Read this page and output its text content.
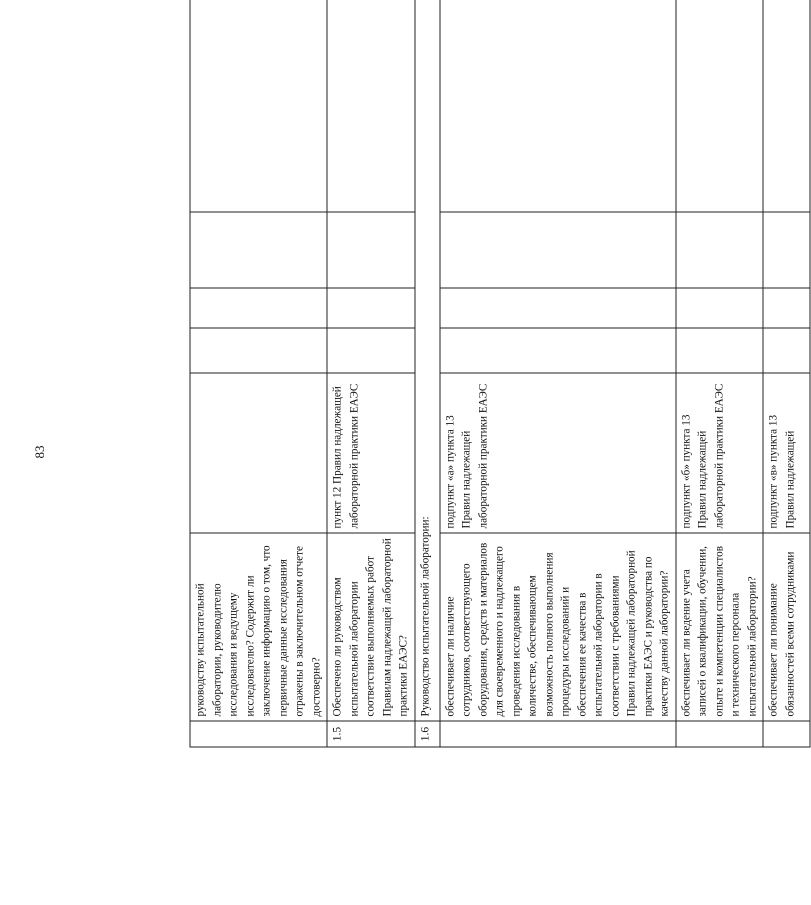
83
	руководству испытательной лаборатории, руководителю исследования и ведущему исследователю? Содержит ли заключение информацию о том, что первичные данные исследования отражены в заключительном отчете достоверно?					
1.5	Обеспечено ли руководством испытательной лаборатории соответствие выполняемых работ Правилам надлежащей лабораторной практики ЕАЭС?	пункт 12 Правил надлежащей лабораторной практики ЕАЭС				
1.6	Руководство испытательной лаборатории:					
	обеспечивает ли наличие сотрудников, соответствующего оборудования, средств и материалов для своевременного и надлежащего проведения исследования в количестве, обеспечивающем возможность полного выполнения процедуры исследований и обеспечения ее качества в испытательной лаборатории в соответствии с требованиями Правил надлежащей лабораторной практики ЕАЭС и руководства по качеству данной лаборатории?	подпункт «а» пункта 13 Правил надлежащей лабораторной практики ЕАЭС				
	обеспечивает ли ведение учета записей о квалификации, обучении, опыте и компетенции специалистов и технического персонала испытательной лаборатории?	подпункт «б» пункта 13 Правил надлежащей лабораторной практики ЕАЭС				
	обеспечивает ли понимание обязанностей всеми сотрудниками	подпункт «в» пункта 13 Правил надлежащей				
